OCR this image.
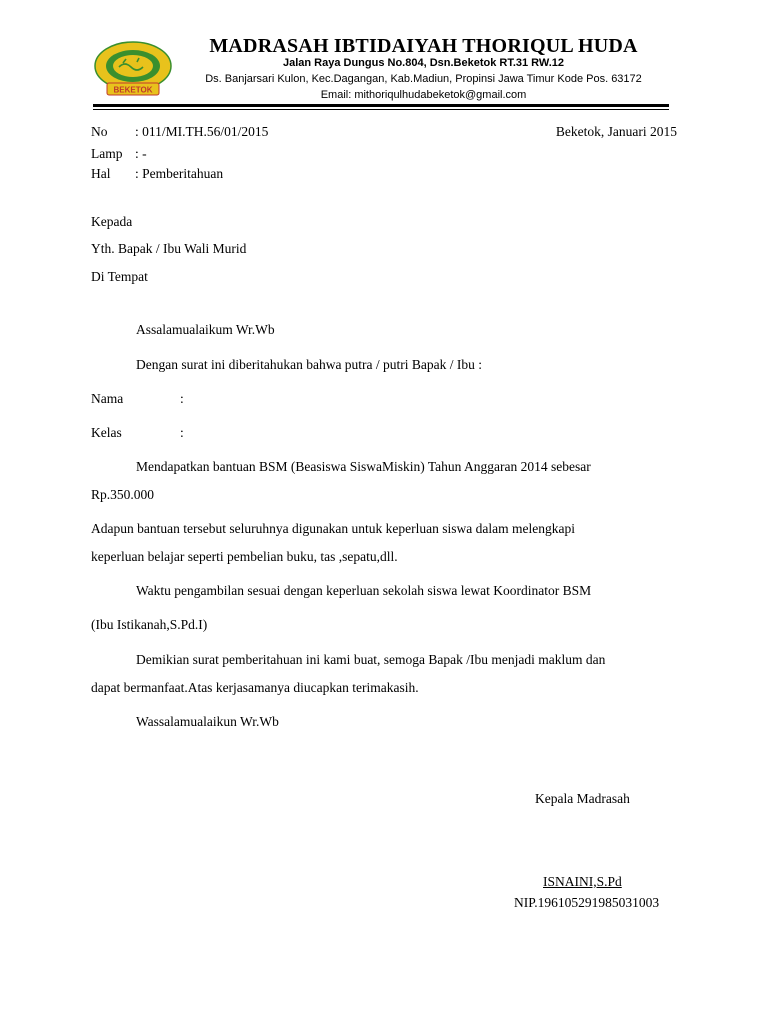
BEKETOK
MADRASAH IBTIDAIYAH THORIQUL HUDA
Jalan Raya Dungus No.804, Dsn.Beketok RT.31 RW.12
Ds. Banjarsari Kulon, Kec.Dagangan, Kab.Madiun, Propinsi Jawa Timur Kode Pos. 63172
Email: mithoriqulhudabeketok@gmail.com
No : 011/MI.TH.56/01/2015	Beketok, Januari 2015
Lamp : -
Hal : Pemberitahuan
Kepada
Yth. Bapak / Ibu Wali Murid
Di Tempat
Assalamualaikum Wr.Wb
Dengan surat ini diberitahukan bahwa putra / putri Bapak / Ibu :
Nama	:
Kelas	:
Mendapatkan bantuan BSM (Beasiswa SiswaMiskin) Tahun Anggaran 2014 sebesar
Rp.350.000
Adapun bantuan tersebut seluruhnya digunakan untuk keperluan siswa dalam melengkapi
keperluan belajar seperti pembelian buku, tas ,sepatu,dll.
Waktu pengambilan sesuai dengan keperluan sekolah siswa lewat Koordinator BSM
(Ibu Istikanah,S.Pd.I)
Demikian surat pemberitahuan ini kami buat, semoga Bapak /Ibu menjadi maklum dan
dapat bermanfaat.Atas kerjasamanya diucapkan terimakasih.
Wassalamualaikun Wr.Wb
Kepala Madrasah
ISNAINI,S.Pd
NIP.196105291985031003
